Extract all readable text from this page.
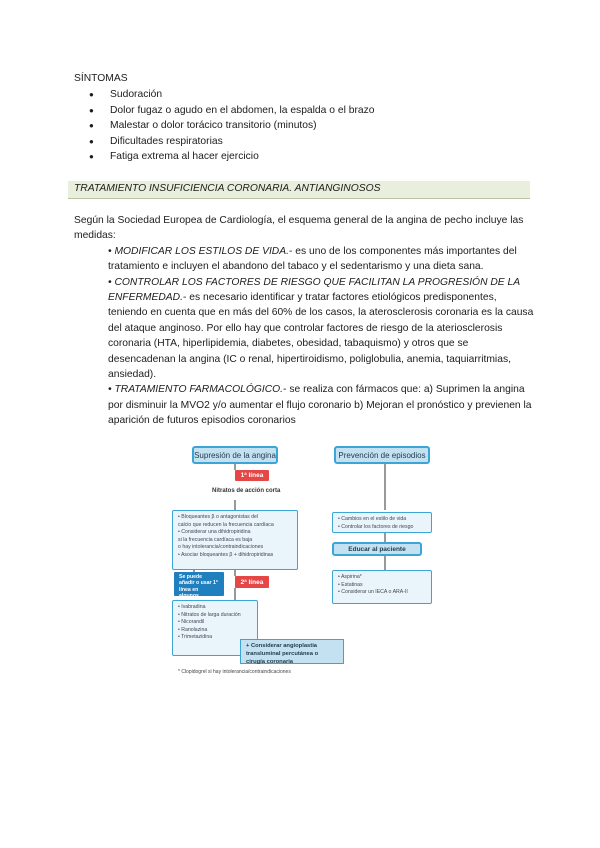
SÍNTOMAS
● Sudoración
● Dolor fugaz o agudo en el abdomen, la espalda o el brazo
● Malestar o dolor torácico transitorio (minutos)
● Dificultades respiratorias
● Fatiga extrema al hacer ejercicio
TRATAMIENTO INSUFICIENCIA CORONARIA. ANTIANGINOSOS

Según la Sociedad Europea de Cardiología, el esquema general de la angina de pecho incluye las medidas:

• MODIFICAR LOS ESTILOS DE VIDA.- es uno de los componentes más importantes del tratamiento e incluyen el abandono del tabaco y el sedentarismo y una dieta sana.

• CONTROLAR LOS FACTORES DE RIESGO QUE FACILITAN LA PROGRESIÓN DE LA ENFERMEDAD.- es necesario identificar y tratar factores etiológicos predisponentes, teniendo en cuenta que en más del 60% de los casos, la aterosclerosis coronaria es la causa del ataque anginoso. Por ello hay que controlar factores de riesgo de la ateriosclerosis coronaria (HTA, hiperlipidemia, diabetes, obesidad, tabaquismo) y otros que se desencadenan la angina (IC o renal, hipertiroidismo, poliglobulia, anemia, taquiarritmias, ansiedad).

• TRATAMIENTO FARMACOLÓGICO.- se realiza con fármacos que: a) Suprimen la angina por disminuir la MVO2 y/o aumentar el flujo coronario b) Mejoran el pronóstico y previenen la aparición de futuros episodios coronarios

Supresión de la angina	Prevención de episodios
1ª línea
Nitratos de acción corta
• Bloqueantes β o antagonistas del
calcio que reducen la frecuencia cardíaca
• Considerar una dihidropiridina
si la frecuencia cardíaca es baja
o hay intolerancia/contraindicaciones
• Asociar bloqueantes β + dihidropiridinas
2ª línea
Se puede añadir o usar 1ª línea en algunos
• Ivabradina
• Nitratos de larga duración
• Nicorandil
• Ranolazina
• Trimetazidina
+ Considerar angioplastia transluminal percutánea o cirugía coronaria
• Cambios en el estilo de vida
• Controlar los factores de riesgo
Educar al paciente
• Aspirina*
• Estatinas
• Considerar un IECA o ARA-II
* Clopidogrel si hay intolerancia/contraindicaciones
